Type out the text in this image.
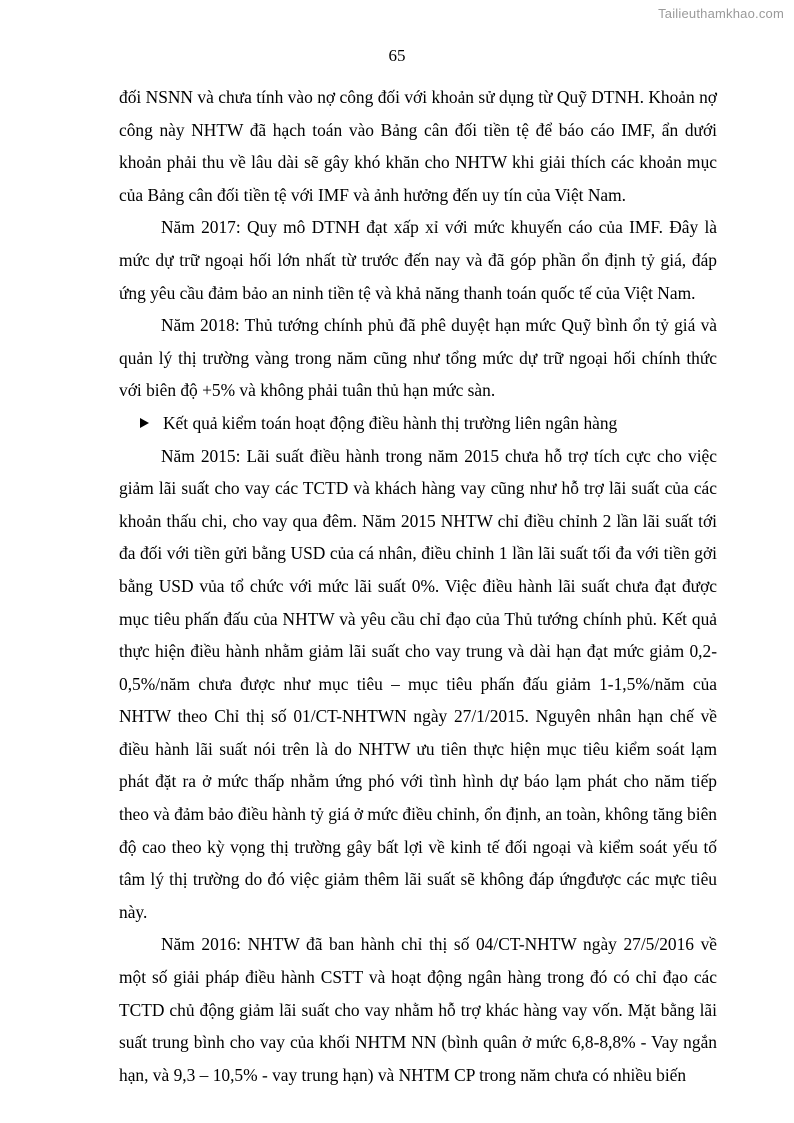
Tailieuthamkhao.com
65

đối NSNN và chưa tính vào nợ công đối với khoản sử dụng từ Quỹ DTNH. Khoản nợ công này NHTW đã hạch toán vào Bảng cân đối tiền tệ để báo cáo IMF, ẩn dưới khoản phải thu về lâu dài sẽ gây khó khăn cho NHTW khi giải thích các khoản mục của Bảng cân đối tiền tệ với IMF và ảnh hưởng đến uy tín của Việt Nam.

Năm 2017: Quy mô DTNH đạt xấp xỉ với mức khuyến cáo của IMF. Đây là mức dự trữ ngoại hối lớn nhất từ trước đến nay và đã góp phần ổn định tỷ giá, đáp ứng yêu cầu đảm bảo an ninh tiền tệ và khả năng thanh toán quốc tế của Việt Nam.

Năm 2018: Thủ tướng chính phủ đã phê duyệt hạn mức Quỹ bình ổn tỷ giá và quản lý thị trường vàng trong năm cũng như tổng mức dự trữ ngoại hối chính thức với biên độ +5% và không phải tuân thủ hạn mức sàn.

Kết quả kiểm toán hoạt động điều hành thị trường liên ngân hàng

Năm 2015: Lãi suất điều hành trong năm 2015 chưa hỗ trợ tích cực cho việc giảm lãi suất cho vay các TCTD và khách hàng vay cũng như hỗ trợ lãi suất của các khoản thấu chi, cho vay qua đêm. Năm 2015 NHTW chỉ điều chỉnh 2 lần lãi suất tới đa đối với tiền gửi bằng USD của cá nhân, điều chỉnh 1 lần lãi suất tối đa với tiền gởi bằng USD vủa tổ chức với mức lãi suất 0%. Việc điều hành lãi suất chưa đạt được mục tiêu phấn đấu của NHTW và yêu cầu chỉ đạo của Thủ tướng chính phủ. Kết quả thực hiện điều hành nhằm giảm lãi suất cho vay trung và dài hạn đạt mức giảm 0,2-0,5%/năm chưa được như mục tiêu – mục tiêu phấn đấu giảm 1-1,5%/năm của NHTW theo Chỉ thị số 01/CT-NHTWN ngày 27/1/2015. Nguyên nhân hạn chế về điều hành lãi suất nói trên là do NHTW ưu tiên thực hiện mục tiêu kiểm soát lạm phát đặt ra ở mức thấp nhằm ứng phó với tình hình dự báo lạm phát cho năm tiếp theo và đảm bảo điều hành tỷ giá ở mức điều chỉnh, ổn định, an toàn, không tăng biên độ cao theo kỳ vọng thị trường gây bất lợi về kinh tế đối ngoại và kiểm soát yếu tố tâm lý thị trường do đó việc giảm thêm lãi suất sẽ không đáp ứngđược các mực tiêu này.

Năm 2016: NHTW đã ban hành chỉ thị số 04/CT-NHTW ngày 27/5/2016 về một số giải pháp điều hành CSTT và hoạt động ngân hàng trong đó có chỉ đạo các TCTD chủ động giảm lãi suất cho vay nhằm hỗ trợ khác hàng vay vốn. Mặt bằng lãi suất trung bình cho vay của khối NHTM NN (bình quân ở mức 6,8-8,8% - Vay ngắn hạn, và 9,3 – 10,5% - vay trung hạn) và NHTM CP trong năm chưa có nhiều biến
